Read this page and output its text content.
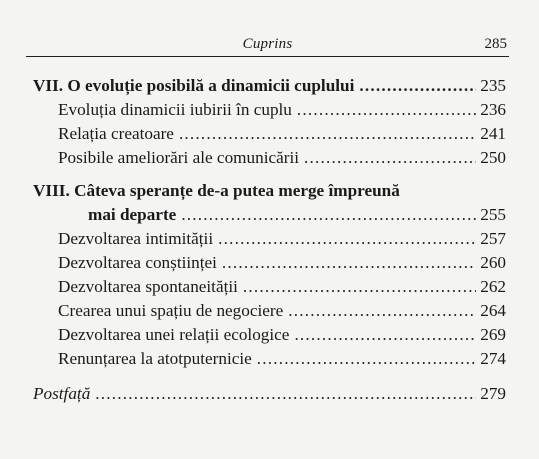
Cuprins	285
VII. O evoluție posibilă a dinamicii cuplului .....	235
Evoluția dinamicii iubirii în cuplu .....	236
Relația creatoare .....	241
Posibile ameliorări ale comunicării .....	250
VIII. Câteva speranțe de-a putea merge împreună
mai departe .....	255
Dezvoltarea intimității .....	257
Dezvoltarea conștiinței .....	260
Dezvoltarea spontaneității .....	262
Crearea unui spațiu de negociere .....	264
Dezvoltarea unei relații ecologice .....	269
Renunțarea la atotputernicie .....	274
Postfață .....	279
